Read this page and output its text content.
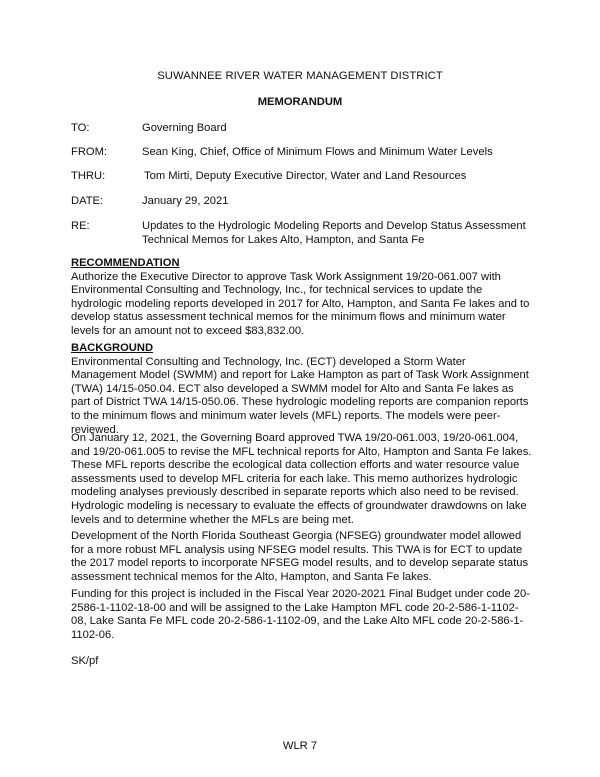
SUWANNEE RIVER WATER MANAGEMENT DISTRICT
MEMORANDUM
TO:	Governing Board
FROM:	Sean King, Chief, Office of Minimum Flows and Minimum Water Levels
THRU:	Tom Mirti, Deputy Executive Director, Water and Land Resources
DATE:	January 29, 2021
RE:	Updates to the Hydrologic Modeling Reports and Develop Status Assessment Technical Memos for Lakes Alto, Hampton, and Santa Fe
RECOMMENDATION
Authorize the Executive Director to approve Task Work Assignment 19/20-061.007 with Environmental Consulting and Technology, Inc., for technical services to update the hydrologic modeling reports developed in 2017 for Alto, Hampton, and Santa Fe lakes and to develop status assessment technical memos for the minimum flows and minimum water levels for an amount not to exceed $83,832.00.
BACKGROUND
Environmental Consulting and Technology, Inc. (ECT) developed a Storm Water Management Model (SWMM) and report for Lake Hampton as part of Task Work Assignment (TWA) 14/15-050.04. ECT also developed a SWMM model for Alto and Santa Fe lakes as part of District TWA 14/15-050.06. These hydrologic modeling reports are companion reports to the minimum flows and minimum water levels (MFL) reports. The models were peer-reviewed.
On January 12, 2021, the Governing Board approved TWA 19/20-061.003, 19/20-061.004, and 19/20-061.005 to revise the MFL technical reports for Alto, Hampton and Santa Fe lakes. These MFL reports describe the ecological data collection efforts and water resource value assessments used to develop MFL criteria for each lake. This memo authorizes hydrologic modeling analyses previously described in separate reports which also need to be revised. Hydrologic modeling is necessary to evaluate the effects of groundwater drawdowns on lake levels and to determine whether the MFLs are being met.
Development of the North Florida Southeast Georgia (NFSEG) groundwater model allowed for a more robust MFL analysis using NFSEG model results. This TWA is for ECT to update the 2017 model reports to incorporate NFSEG model results, and to develop separate status assessment technical memos for the Alto, Hampton, and Santa Fe lakes.
Funding for this project is included in the Fiscal Year 2020-2021 Final Budget under code 20-2586-1-1102-18-00 and will be assigned to the Lake Hampton MFL code 20-2-586-1-1102-08, Lake Santa Fe MFL code 20-2-586-1-1102-09, and the Lake Alto MFL code 20-2-586-1-1102-06.
SK/pf
WLR 7
